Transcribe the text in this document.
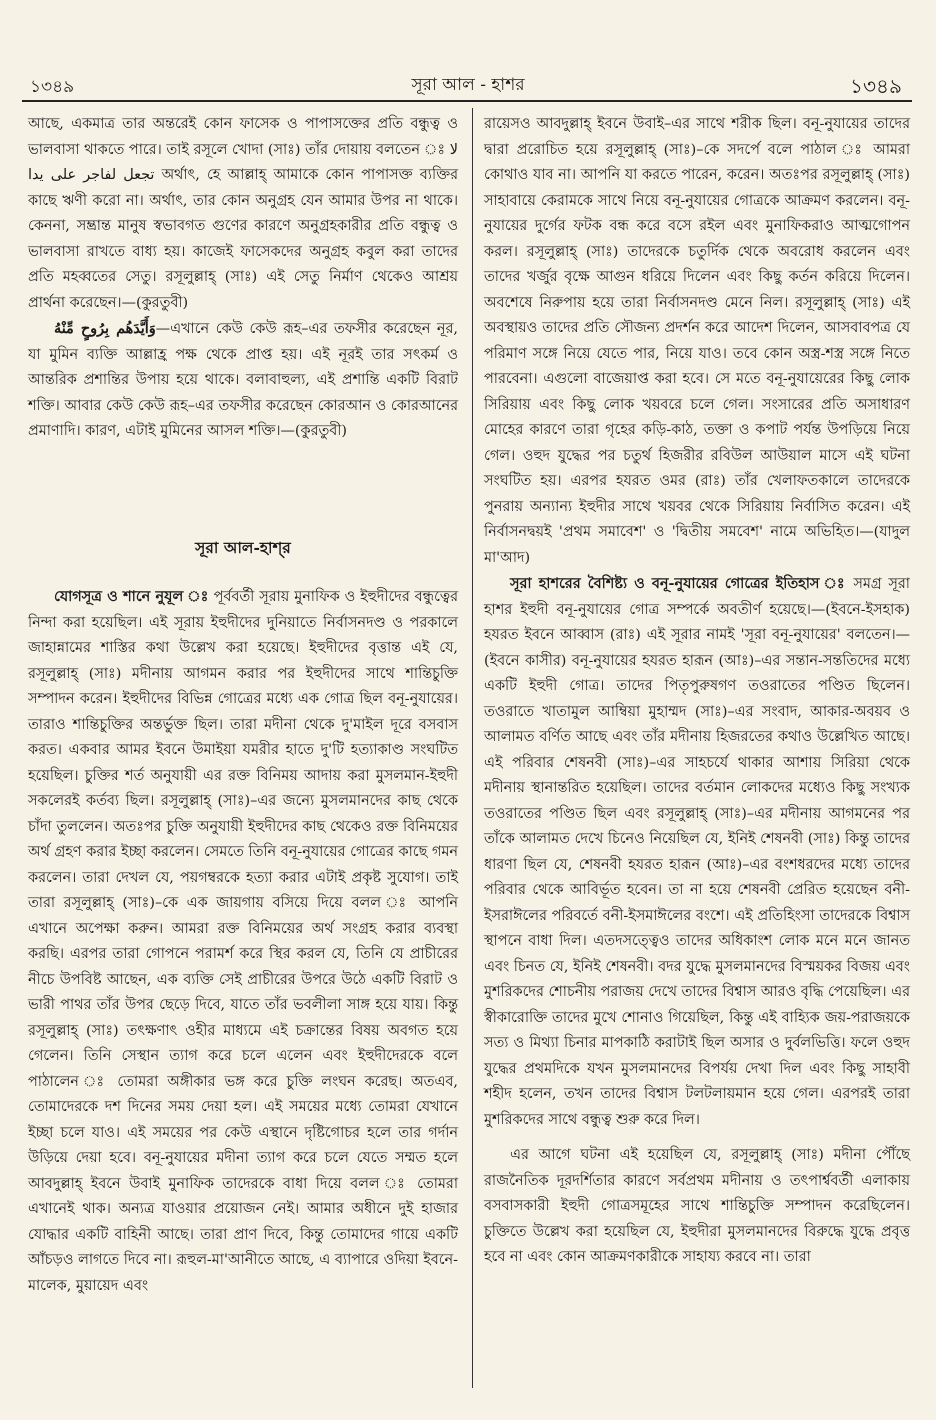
১৩৪৯	সূরা আল - হাশর	১৩৪৯

আছে, একমাত্র তার অন্তরেই কোন ফাসেক ও পাপাসক্তের প্রতি বন্ধুত্ব ও ভালবাসা থাকতে পারে। তাই রসূলে খোদা (সাঃ) তাঁর দোয়ায় বলতেন ঃ لا تجعل لفاجر على يدا অর্থাৎ, হে আল্লাহ্ আমাকে কোন পাপাসক্ত ব্যক্তির কাছে ঋণী করো না। অর্থাৎ, তার কোন অনুগ্রহ যেন আমার উপর না থাকে। কেননা, সম্ভ্রান্ত মানুষ স্বভাবগত গুণের কারণে অনুগ্রহকারীর প্রতি বন্ধুত্ব ও ভালবাসা রাখতে বাধ্য হয়। কাজেই ফাসেকদের অনুগ্রহ কবুল করা তাদের প্রতি মহব্বতের সেতু। রসূলুল্লাহ্ (সাঃ) এই সেতু নির্মাণ থেকেও আশ্রয় প্রার্থনা করেছেন।—(কুরতুবী)

وَأَيَّدَهُم بِرُوحٍ مِّنْهُ—এখানে কেউ কেউ রূহ–এর তফসীর করেছেন নূর, যা মুমিন ব্যক্তি আল্লাহ্র পক্ষ থেকে প্রাপ্ত হয়। এই নূরই তার সৎকর্ম ও আন্তরিক প্রশান্তির উপায় হয়ে থাকে। বলাবাহুল্য, এই প্রশান্তি একটি বিরাট শক্তি। আবার কেউ কেউ রূহ–এর তফসীর করেছেন কোরআন ও কোরআনের প্রমাণাদি। কারণ, এটাই মুমিনের আসল শক্তি।—(কুরতুবী)

সূরা আল-হাশ্‌র

যোগসূত্র ও শানে নুযূল ঃ পূর্ববর্তী সূরায় মুনাফিক ও ইহুদীদের বন্ধুত্বের নিন্দা করা হয়েছিল। এই সূরায় ইহুদীদের দুনিয়াতে নির্বাসনদণ্ড ও পরকালে জাহান্নামের শাস্তির কথা উল্লেখ করা হয়েছে। ইহুদীদের বৃত্তান্ত এই যে, রসূলুল্লাহ্ (সাঃ) মদীনায় আগমন করার পর ইহুদীদের সাথে শান্তিচুক্তি সম্পাদন করেন। ইহুদীদের বিভিন্ন গোত্রের মধ্যে এক গোত্র ছিল বনূ-নুযায়ের। তারাও শান্তিচুক্তির অন্তর্ভুক্ত ছিল। তারা মদীনা থেকে দু'মাইল দূরে বসবাস করত। একবার আমর ইবনে উমাইয়া যমরীর হাতে দু'টি হত্যাকাণ্ড সংঘটিত হয়েছিল। চুক্তির শর্ত অনুযায়ী এর রক্ত বিনিময় আদায় করা মুসলমান-ইহুদী সকলেরই কর্তব্য ছিল। রসূলুল্লাহ্ (সাঃ)–এর জন্যে মুসলমানদের কাছ থেকে চাঁদা তুললেন। অতঃপর চুক্তি অনুযায়ী ইহুদীদের কাছ থেকেও রক্ত বিনিময়ের অর্থ গ্রহণ করার ইচ্ছা করলেন। সেমতে তিনি বনূ-নুযায়ের গোত্রের কাছে গমন করলেন। তারা দেখল যে, পয়গম্বরকে হত্যা করার এটাই প্রকৃষ্ট সুযোগ। তাই তারা রসূলুল্লাহ্ (সাঃ)–কে এক জায়গায় বসিয়ে দিয়ে বলল ঃ আপনি এখানে অপেক্ষা করুন। আমরা রক্ত বিনিময়ের অর্থ সংগ্রহ করার ব্যবস্থা করছি। এরপর তারা গোপনে পরামর্শ করে স্থির করল যে, তিনি যে প্রাচীরের নীচে উপবিষ্ট আছেন, এক ব্যক্তি সেই প্রাচীরের উপরে উঠে একটি বিরাট ও ভারী পাথর তাঁর উপর ছেড়ে দিবে, যাতে তাঁর ভবলীলা সাঙ্গ হয়ে যায়। কিন্তু রসূলুল্লাহ্ (সাঃ) তৎক্ষণাৎ ওহীর মাধ্যমে এই চক্রান্তের বিষয় অবগত হয়ে গেলেন। তিনি সেস্থান ত্যাগ করে চলে এলেন এবং ইহুদীদেরকে বলে পাঠালেন ঃ তোমরা অঙ্গীকার ভঙ্গ করে চুক্তি লংঘন করেছ। অতএব, তোমাদেরকে দশ দিনের সময় দেয়া হল। এই সময়ের মধ্যে তোমরা যেখানে ইচ্ছা চলে যাও। এই সময়ের পর কেউ এস্থানে দৃষ্টিগোচর হলে তার গর্দান উড়িয়ে দেয়া হবে। বনূ-নুযায়ের মদীনা ত্যাগ করে চলে যেতে সম্মত হলে আবদুল্লাহ্ ইবনে উবাই মুনাফিক তাদেরকে বাধা দিয়ে বলল ঃ তোমরা এখানেই থাক। অন্যত্র যাওয়ার প্রয়োজন নেই। আমার অধীনে দুই হাজার যোদ্ধার একটি বাহিনী আছে। তারা প্রাণ দিবে, কিন্তু তোমাদের গায়ে একটি আঁচড়ও লাগতে দিবে না। রূহুল-মা'আনীতে আছে, এ ব্যাপারে ওদিয়া ইবনে-মালেক, মুয়ায়েদ এবং

রায়েসও আবদুল্লাহ্ ইবনে উবাই–এর সাথে শরীক ছিল। বনূ-নুযায়ের তাদের দ্বারা প্ররোচিত হয়ে রসূলুল্লাহ্ (সাঃ)–কে সদর্পে বলে পাঠাল ঃ আমরা কোথাও যাব না। আপনি যা করতে পারেন, করেন। অতঃপর রসূলুল্লাহ্ (সাঃ) সাহাবায়ে কেরামকে সাথে নিয়ে বনূ-নুযায়ের গোত্রকে আক্রমণ করলেন। বনূ-নুযায়ের দুর্গের ফটক বন্ধ করে বসে রইল এবং মুনাফিকরাও আত্মগোপন করল। রসূলুল্লাহ্ (সাঃ) তাদেরকে চতুর্দিক থেকে অবরোধ করলেন এবং তাদের খর্জুর বৃক্ষে আগুন ধরিয়ে দিলেন এবং কিছু কর্তন করিয়ে দিলেন। অবশেষে নিরুপায় হয়ে তারা নির্বাসনদণ্ড মেনে নিল। রসূলুল্লাহ্ (সাঃ) এই অবস্থায়ও তাদের প্রতি সৌজন্য প্রদর্শন করে আদেশ দিলেন, আসবাবপত্র যে পরিমাণ সঙ্গে নিয়ে যেতে পার, নিয়ে যাও। তবে কোন অস্ত্র-শস্ত্র সঙ্গে নিতে পারবেনা। এগুলো বাজেয়াপ্ত করা হবে। সে মতে বনূ-নুযায়েরের কিছু লোক সিরিয়ায় এবং কিছু লোক খয়বরে চলে গেল। সংসারের প্রতি অসাধারণ মোহের কারণে তারা গৃহের কড়ি-কাঠ, তক্তা ও কপাট পর্যন্ত উপড়িয়ে নিয়ে গেল। ওহুদ যুদ্ধের পর চতুর্থ হিজরীর রবিউল আউয়াল মাসে এই ঘটনা সংঘটিত হয়। এরপর হযরত ওমর (রাঃ) তাঁর খেলাফতকালে তাদেরকে পুনরায় অন্যান্য ইহুদীর সাথে খয়বর থেকে সিরিয়ায় নির্বাসিত করেন। এই নির্বাসনদ্বয়ই 'প্রথম সমাবেশ' ও 'দ্বিতীয় সমবেশ' নামে অভিহিত।—(যাদুল মা'আদ)

সূরা হাশরের বৈশিষ্ট্য ও বনূ-নুযায়ের গোত্রের ইতিহাস ঃ সমগ্র সূরা হাশর ইহুদী বনূ-নুযায়ের গোত্র সম্পর্কে অবতীর্ণ হয়েছে।—(ইবনে-ইসহাক) হযরত ইবনে আব্বাস (রাঃ) এই সূরার নামই 'সূরা বনূ-নুযায়ের' বলতেন।—(ইবনে কাসীর) বনূ-নুযায়ের হযরত হারূন (আঃ)–এর সন্তান-সন্ততিদের মধ্যে একটি ইহুদী গোত্র। তাদের পিতৃপুরুষগণ তওরাতের পণ্ডিত ছিলেন। তওরাতে খাতামুল আম্বিয়া মুহাম্মদ (সাঃ)–এর সংবাদ, আকার-অবয়ব ও আলামত বর্ণিত আছে এবং তাঁর মদীনায় হিজরতের কথাও উল্লেখিত আছে। এই পরিবার শেষনবী (সাঃ)–এর সাহচর্যে থাকার আশায় সিরিয়া থেকে মদীনায় স্থানান্তরিত হয়েছিল। তাদের বর্তমান লোকদের মধ্যেও কিছু সংখ্যক তওরাতের পণ্ডিত ছিল এবং রসূলুল্লাহ্ (সাঃ)–এর মদীনায় আগমনের পর তাঁকে আলামত দেখে চিনেও নিয়েছিল যে, ইনিই শেষনবী (সাঃ) কিন্তু তাদের ধারণা ছিল যে, শেষনবী হযরত হারূন (আঃ)–এর বংশধরদের মধ্যে তাদের পরিবার থেকে আবির্ভূত হবেন। তা না হয়ে শেষনবী প্রেরিত হয়েছেন বনী-ইসরাঈলের পরিবর্তে বনী-ইসমাঈলের বংশে। এই প্রতিহিংসা তাদেরকে বিশ্বাস স্থাপনে বাধা দিল। এতদসত্ত্বেও তাদের অধিকাংশ লোক মনে মনে জানত এবং চিনত যে, ইনিই শেষনবী। বদর যুদ্ধে মুসলমানদের বিস্ময়কর বিজয় এবং মুশরিকদের শোচনীয় পরাজয় দেখে তাদের বিশ্বাস আরও বৃদ্ধি পেয়েছিল। এর স্বীকারোক্তি তাদের মুখে শোনাও গিয়েছিল, কিন্তু এই বাহ্যিক জয়-পরাজয়কে সত্য ও মিথ্যা চিনার মাপকাঠি করাটাই ছিল অসার ও দুর্বলভিত্তি। ফলে ওহুদ যুদ্ধের প্রথমদিকে যখন মুসলমানদের বিপর্যয় দেখা দিল এবং কিছু সাহাবী শহীদ হলেন, তখন তাদের বিশ্বাস টলটলায়মান হয়ে গেল। এরপরই তারা মুশরিকদের সাথে বন্ধুত্ব শুরু করে দিল।

এর আগে ঘটনা এই হয়েছিল যে, রসূলুল্লাহ্ (সাঃ) মদীনা পৌঁছে রাজনৈতিক দূরদর্শিতার কারণে সর্বপ্রথম মদীনায় ও তৎপার্শ্ববর্তী এলাকায় বসবাসকারী ইহুদী গোত্রসমূহের সাথে শান্তিচুক্তি সম্পাদন করেছিলেন। চুক্তিতে উল্লেখ করা হয়েছিল যে, ইহুদীরা মুসলমানদের বিরুদ্ধে যুদ্ধে প্রবৃত্ত হবে না এবং কোন আক্রমণকারীকে সাহায্য করবে না। তারা
